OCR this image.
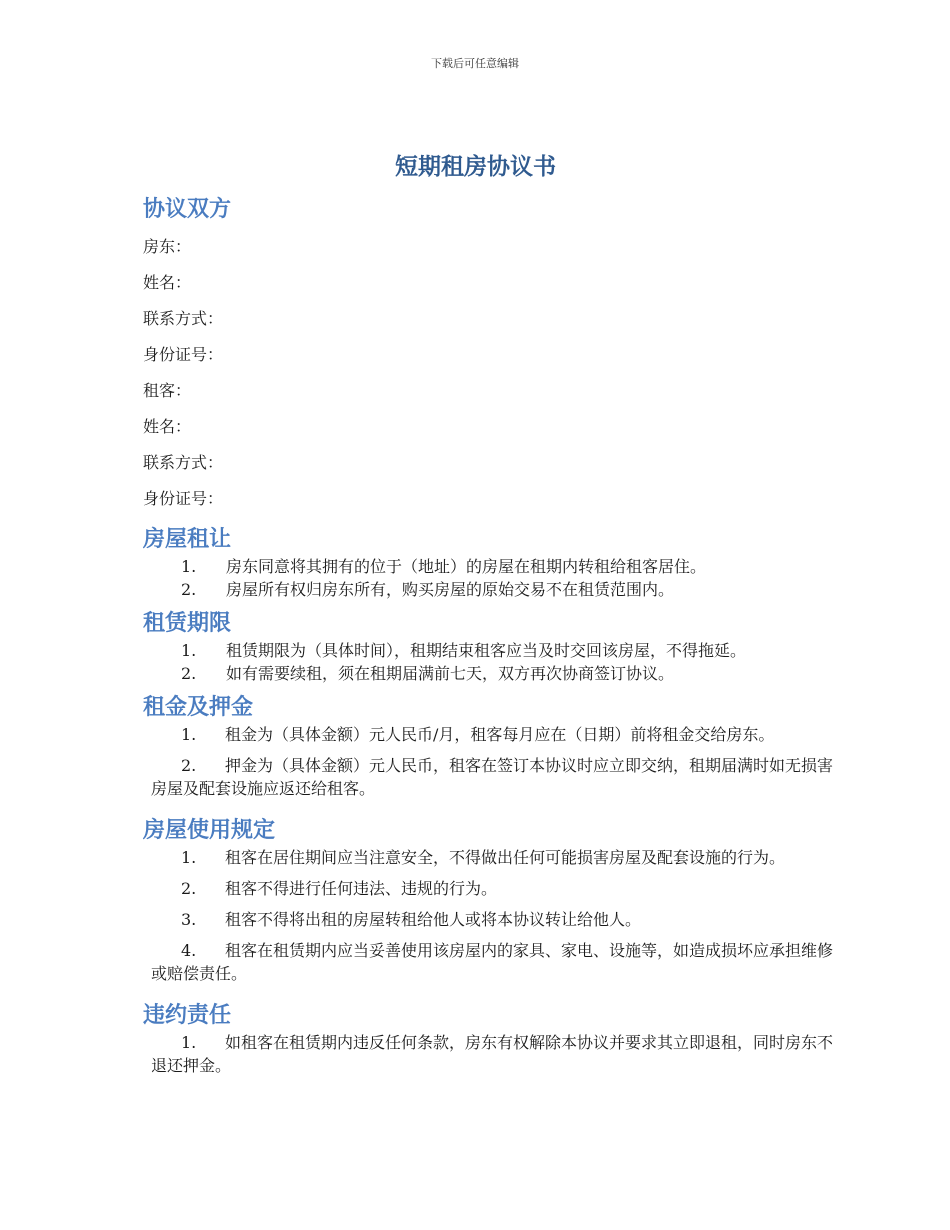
下载后可任意编辑
短期租房协议书
协议双方

房东：

姓名：

联系方式：

身份证号：

租客：

姓名：

联系方式：

身份证号：

房屋租让
1. 房东同意将其拥有的位于（地址）的房屋在租期内转租给租客居住。
2. 房屋所有权归房东所有，购买房屋的原始交易不在租赁范围内。
租赁期限
1. 租赁期限为（具体时间），租期结束租客应当及时交回该房屋，不得拖延。
2. 如有需要续租，须在租期届满前七天，双方再次协商签订协议。
租金及押金
1. 租金为（具体金额）元人民币/月，租客每月应在（日期）前将租金交给房东。
2. 押金为（具体金额）元人民币，租客在签订本协议时应立即交纳，租期届满时如无损害房屋及配套设施应返还给租客。
房屋使用规定
1. 租客在居住期间应当注意安全，不得做出任何可能损害房屋及配套设施的行为。
2. 租客不得进行任何违法、违规的行为。
3. 租客不得将出租的房屋转租给他人或将本协议转让给他人。
4. 租客在租赁期内应当妥善使用该房屋内的家具、家电、设施等，如造成损坏应承担维修或赔偿责任。
违约责任
1. 如租客在租赁期内违反任何条款，房东有权解除本协议并要求其立即退租，同时房东不退还押金。
